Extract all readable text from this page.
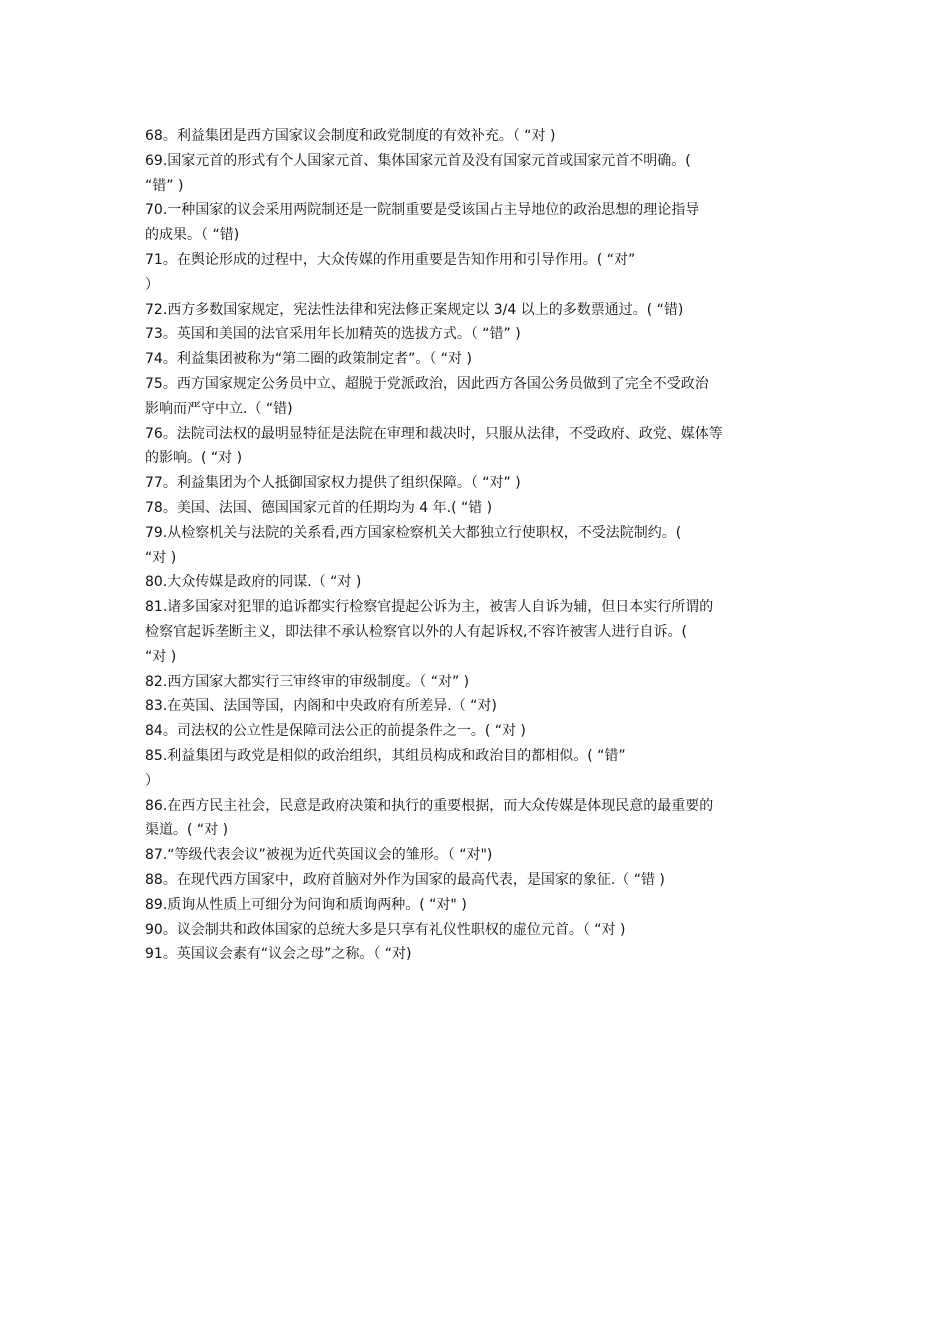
68。利益集团是西方国家议会制度和政党制度的有效补充。（ “对 )
69.国家元首的形式有个人国家元首、集体国家元首及没有国家元首或国家元首不明确。(
“错” )
70.一种国家的议会采用两院制还是一院制重要是受该国占主导地位的政治思想的理论指导
的成果。（ “错)
71。在舆论形成的过程中，大众传媒的作用重要是告知作用和引导作用。( “对”
）
72.西方多数国家规定，宪法性法律和宪法修正案规定以 3/4 以上的多数票通过。( “错)
73。英国和美国的法官采用年长加精英的选拔方式。（ “错” )
74。利益集团被称为“第二圈的政策制定者”。（ “对 )
75。西方国家规定公务员中立、超脱于党派政治，因此西方各国公务员做到了完全不受政治
影响而严守中立.（ “错)
76。法院司法权的最明显特征是法院在审理和裁决时，只服从法律，不受政府、政党、媒体等
的影响。( “对 )
77。利益集团为个人抵御国家权力提供了组织保障。（ “对” )
78。美国、法国、德国国家元首的任期均为 4 年.( “错 )
79.从检察机关与法院的关系看,西方国家检察机关大都独立行使职权，不受法院制约。(
“对 )
80.大众传媒是政府的同谋.（ “对 )
81.诸多国家对犯罪的追诉都实行检察官提起公诉为主，被害人自诉为辅，但日本实行所谓的
检察官起诉垄断主义，即法律不承认检察官以外的人有起诉权,不容许被害人进行自诉。(
“对 )
82.西方国家大都实行三审终审的审级制度。（ “对” )
83.在英国、法国等国，内阁和中央政府有所差异.（ “对)
84。司法权的公立性是保障司法公正的前提条件之一。( “对 )
85.利益集团与政党是相似的政治组织，其组员构成和政治目的都相似。( “错”
）
86.在西方民主社会，民意是政府决策和执行的重要根据，而大众传媒是体现民意的最重要的
渠道。( “对 )
87.“等级代表会议”被视为近代英国议会的雏形。（ “对")
88。在现代西方国家中，政府首脑对外作为国家的最高代表，是国家的象征.（ “错 )
89.质询从性质上可细分为问询和质询两种。( “对" )
90。议会制共和政体国家的总统大多是只享有礼仪性职权的虚位元首。（ “对 )
91。英国议会素有“议会之母”之称。（ “对)
